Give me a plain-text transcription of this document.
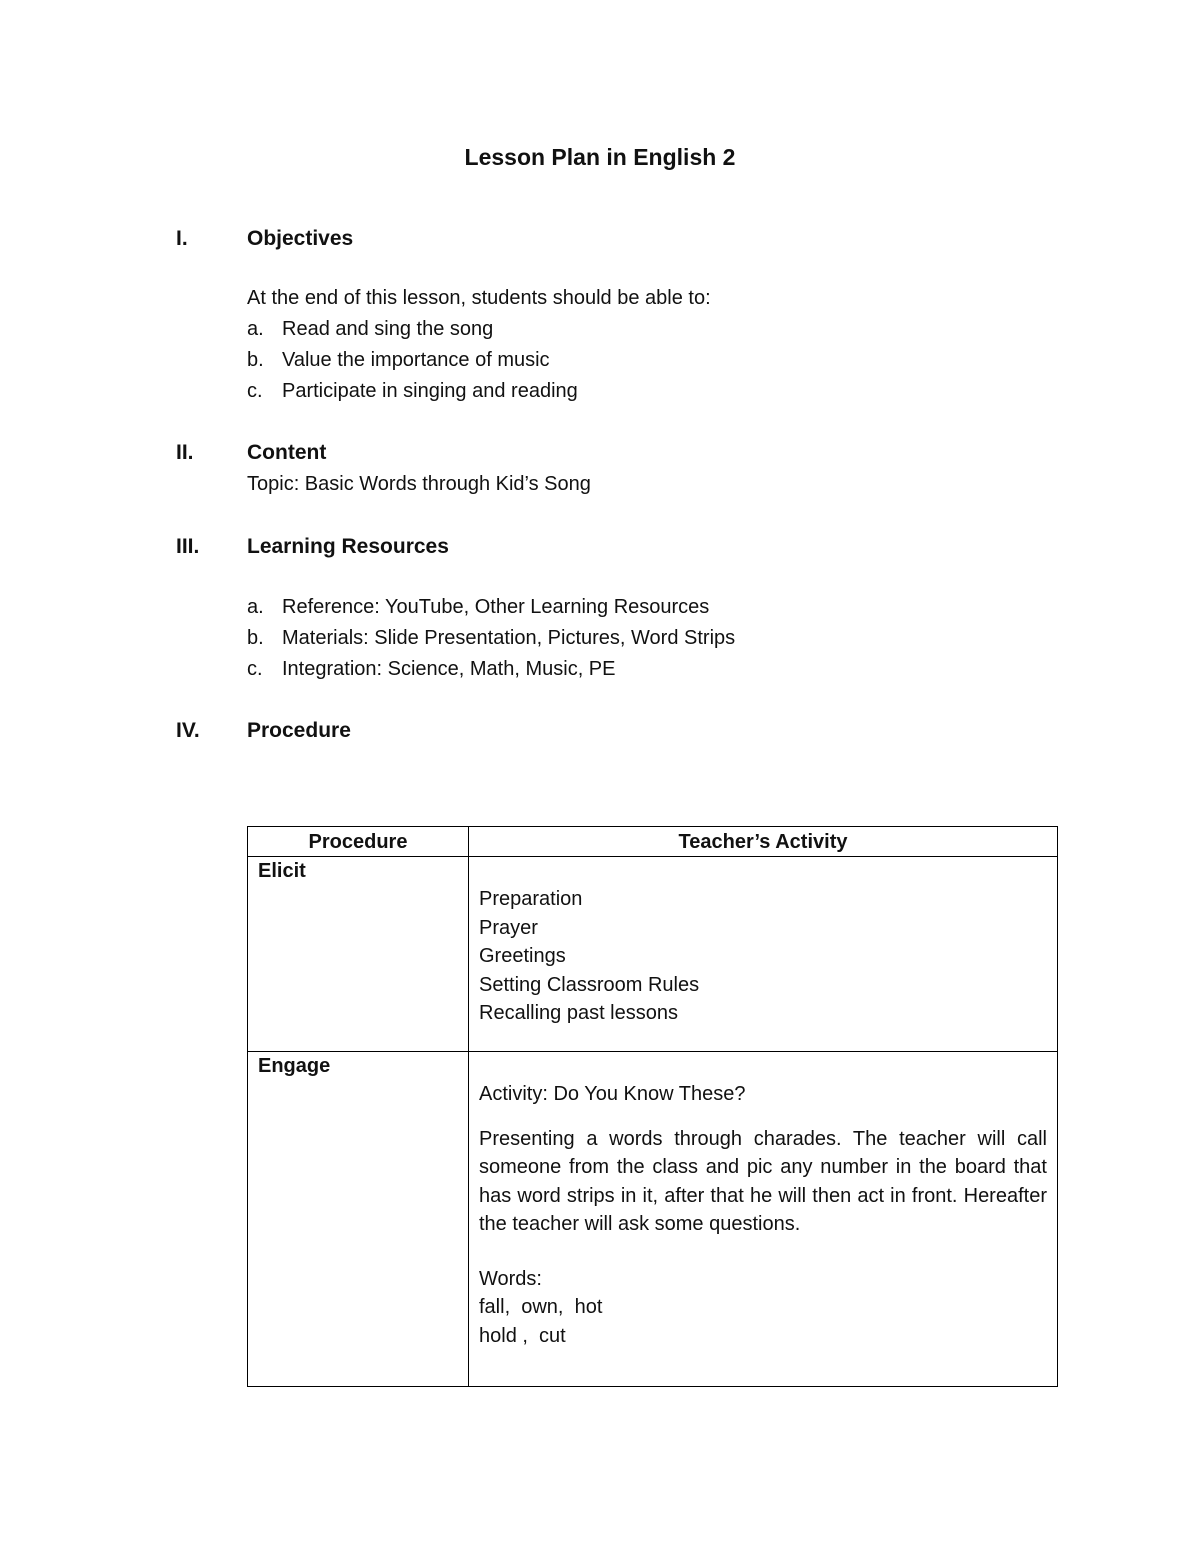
Lesson Plan in English 2
I.	Objectives
At the end of this lesson, students should be able to:
a. Read and sing the song
b. Value the importance of music
c. Participate in singing and reading
II.	Content
Topic: Basic Words through Kid’s Song
III. Learning Resources
a. Reference: YouTube, Other Learning Resources
b. Materials: Slide Presentation, Pictures, Word Strips
c. Integration: Science, Math, Music, PE
IV. Procedure
Procedure	Teacher’s Activity
Elicit	Preparation
Prayer
Greetings
Setting Classroom Rules
Recalling past lessons

Engage	Activity: Do You Know These?
Presenting a words through charades. The teacher will call someone from the class and pic any number in the board that has word strips in it, after that he will then act in front. Hereafter the teacher will ask some questions.
Words:
fall,  own,  hot
hold ,  cut
